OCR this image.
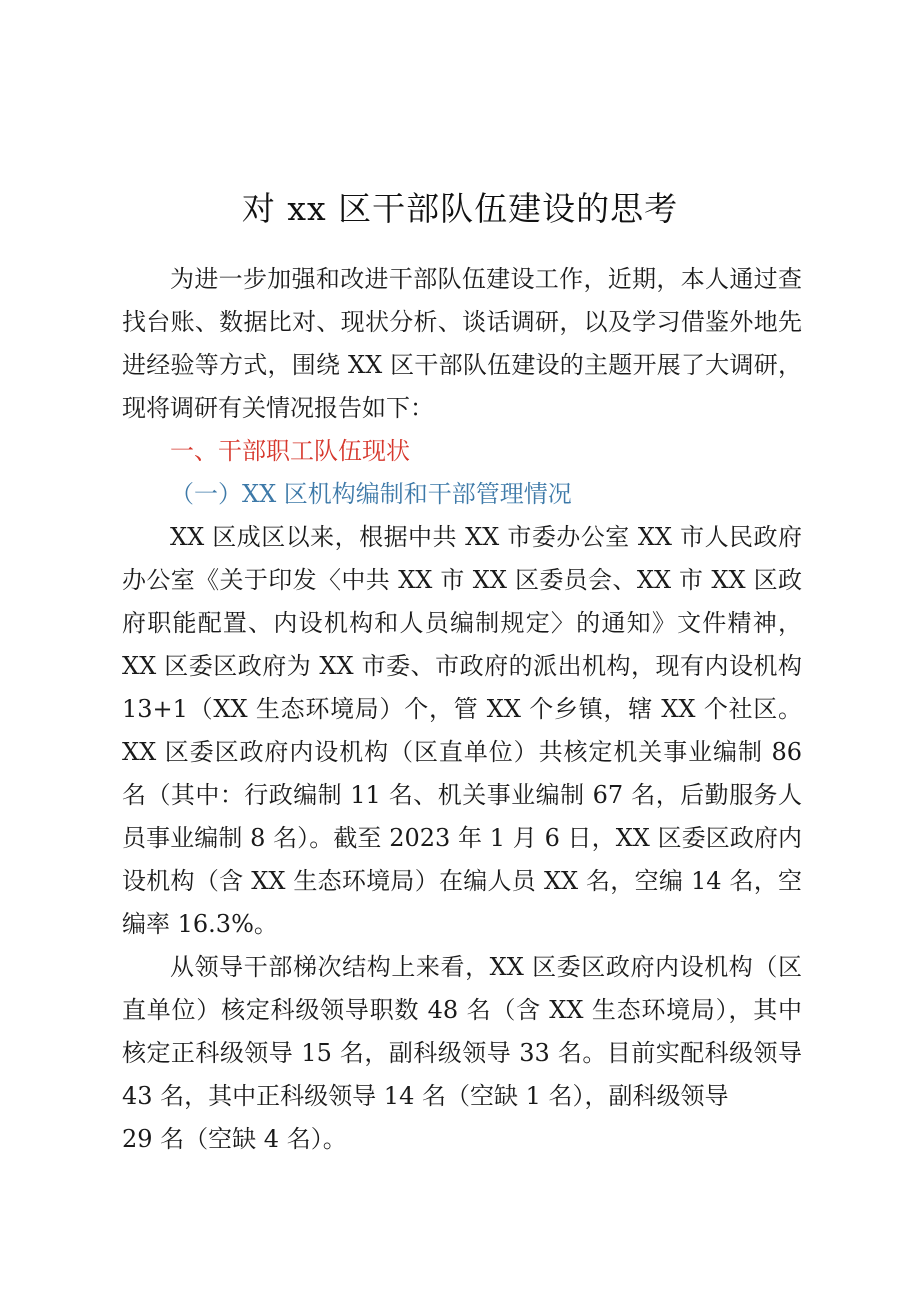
对 xx 区干部队伍建设的思考

为进一步加强和改进干部队伍建设工作，近期，本人通过查找台账、数据比对、现状分析、谈话调研，以及学习借鉴外地先进经验等方式，围绕 XX 区干部队伍建设的主题开展了大调研，现将调研有关情况报告如下：

一、干部职工队伍现状

（一）XX 区机构编制和干部管理情况

XX 区成区以来，根据中共 XX 市委办公室 XX 市人民政府办公室《关于印发〈中共 XX 市 XX 区委员会、XX 市 XX 区政府职能配置、内设机构和人员编制规定〉的通知》文件精神，XX 区委区政府为 XX 市委、市政府的派出机构，现有内设机构 13+1（XX 生态环境局）个，管 XX 个乡镇，辖 XX 个社区。XX 区委区政府内设机构（区直单位）共核定机关事业编制 86 名（其中：行政编制 11 名、机关事业编制 67 名，后勤服务人员事业编制 8 名）。截至 2023 年 1 月 6 日，XX 区委区政府内设机构（含 XX 生态环境局）在编人员 XX 名，空编 14 名，空编率 16.3%。

从领导干部梯次结构上来看，XX 区委区政府内设机构（区直单位）核定科级领导职数 48 名（含 XX 生态环境局），其中核定正科级领导 15 名，副科级领导 33 名。目前实配科级领导 43 名，其中正科级领导 14 名（空缺 1 名），副科级领导
29 名（空缺 4 名）。
